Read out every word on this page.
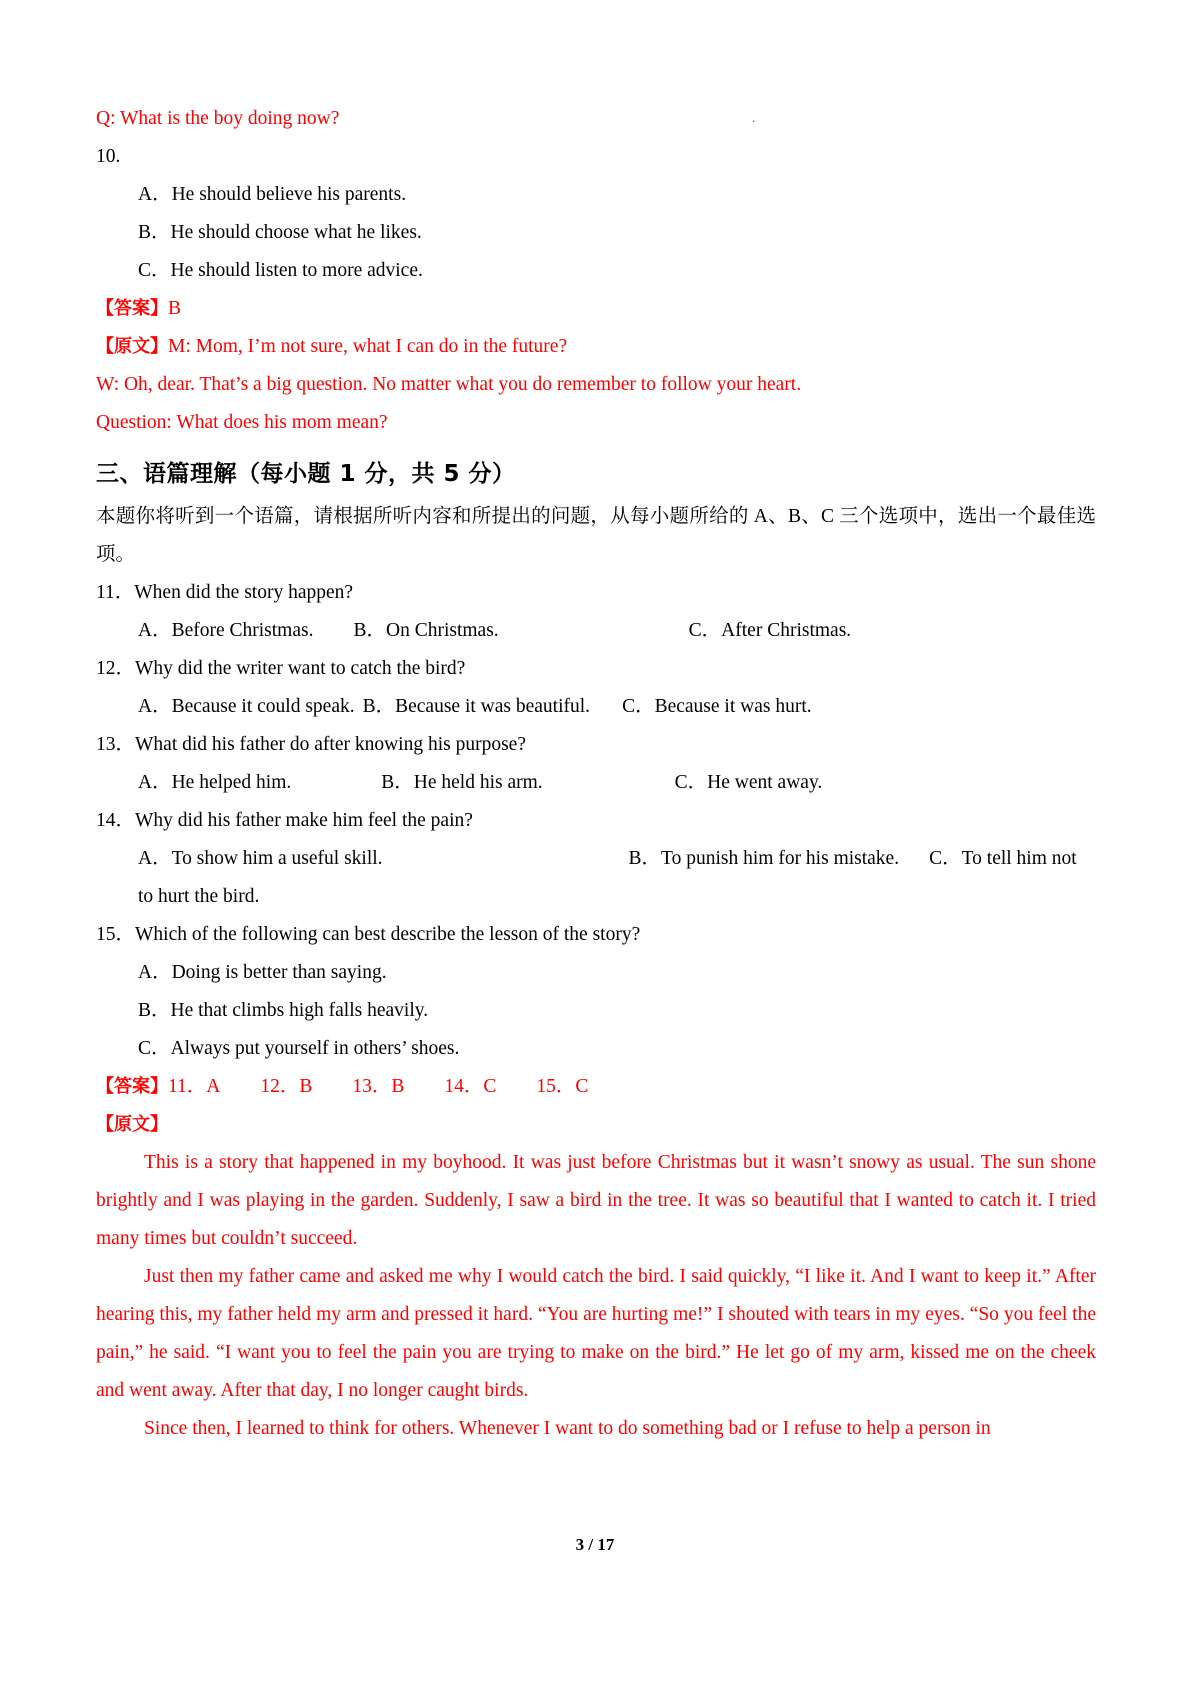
.
Q: What is the boy doing now?
10.
A．He should believe his parents.
B．He should choose what he likes.
C．He should listen to more advice.
【答案】B
【原文】M: Mom, I’m not sure, what I can do in the future?
W: Oh, dear. That’s a big question. No matter what you do remember to follow your heart.
Question: What does his mom mean?
三、语篇理解（每小题 1 分，共 5 分）
本题你将听到一个语篇，请根据所听内容和所提出的问题，从每小题所给的 A、B、C 三个选项中，选出一个最佳选项。
11．When did the story happen?
A．Before Christmas. B．On Christmas.	C．After Christmas.
12．Why did the writer want to catch the bird?
A．Because it could speak. B．Because it was beautiful. C．Because it was hurt.
13．What did his father do after knowing his purpose?
A．He helped him.	B．He held his arm.	C．He went away.
14．Why did his father make him feel the pain?
A．To show him a useful skill.	B．To punish him for his mistake. C．To tell him not to hurt the bird.
15．Which of the following can best describe the lesson of the story?
A．Doing is better than saying.
B．He that climbs high falls heavily.
C．Always put yourself in others’ shoes.
【答案】11．A 12．B 13．B 14．C 15．C
【原文】
This is a story that happened in my boyhood. It was just before Christmas but it wasn’t snowy as usual. The sun shone brightly and I was playing in the garden. Suddenly, I saw a bird in the tree. It was so beautiful that I wanted to catch it. I tried many times but couldn’t succeed.
Just then my father came and asked me why I would catch the bird. I said quickly, “I like it. And I want to keep it.” After hearing this, my father held my arm and pressed it hard. “You are hurting me!” I shouted with tears in my eyes. “So you feel the pain,” he said. “I want you to feel the pain you are trying to make on the bird.” He let go of my arm, kissed me on the cheek and went away. After that day, I no longer caught birds.
Since then, I learned to think for others. Whenever I want to do something bad or I refuse to help a person in
3 / 17
